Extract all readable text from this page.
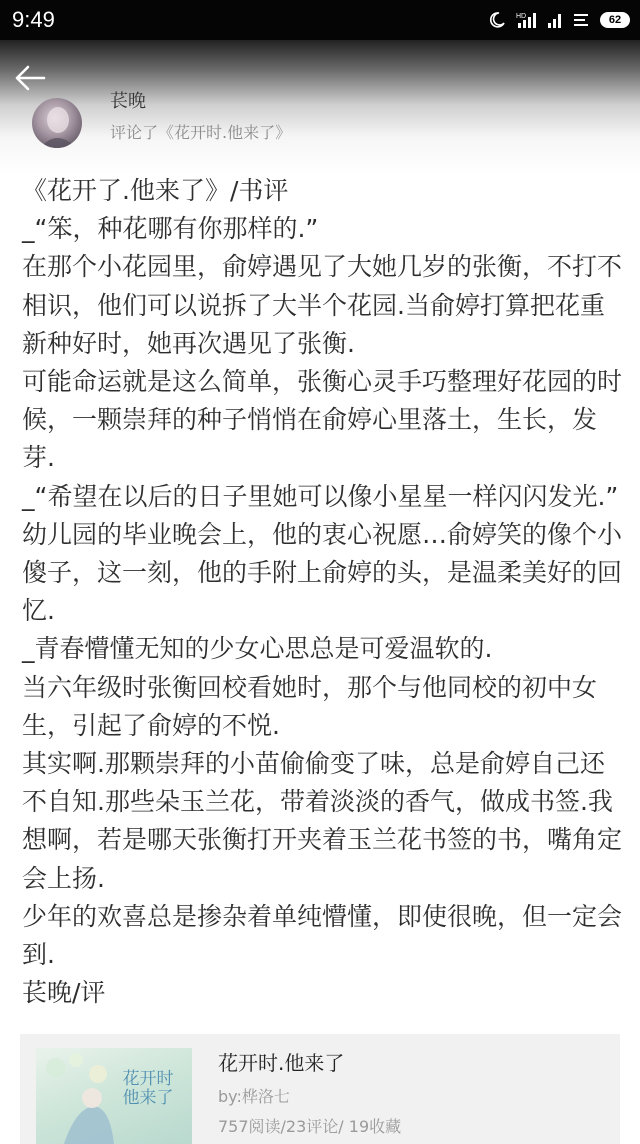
9:49	HD	62
苌晚
评论了《花开时.他来了》

《花开了.他来了》/书评

_“笨，种花哪有你那样的.”

在那个小花园里，俞婷遇见了大她几岁的张衡，不打不相识，他们可以说拆了大半个花园.当俞婷打算把花重新种好时，她再次遇见了张衡.

可能命运就是这么简单，张衡心灵手巧整理好花园的时候，一颗崇拜的种子悄悄在俞婷心里落土，生长，发芽.

_“希望在以后的日子里她可以像小星星一样闪闪发光.”

幼儿园的毕业晚会上，他的衷心祝愿…俞婷笑的像个小傻子，这一刻，他的手附上俞婷的头，是温柔美好的回忆.

_青春懵懂无知的少女心思总是可爱温软的.

当六年级时张衡回校看她时，那个与他同校的初中女生，引起了俞婷的不悦.

其实啊.那颗崇拜的小苗偷偷变了味，总是俞婷自己还不自知.那些朵玉兰花，带着淡淡的香气，做成书签.我想啊，若是哪天张衡打开夹着玉兰花书签的书，嘴角定会上扬.

少年的欢喜总是掺杂着单纯懵懂，即使很晚，但一定会到.

苌晚/评

花开时 他来了
花开时.他来了
by:桦洛七
757阅读/23评论/ 19收藏
